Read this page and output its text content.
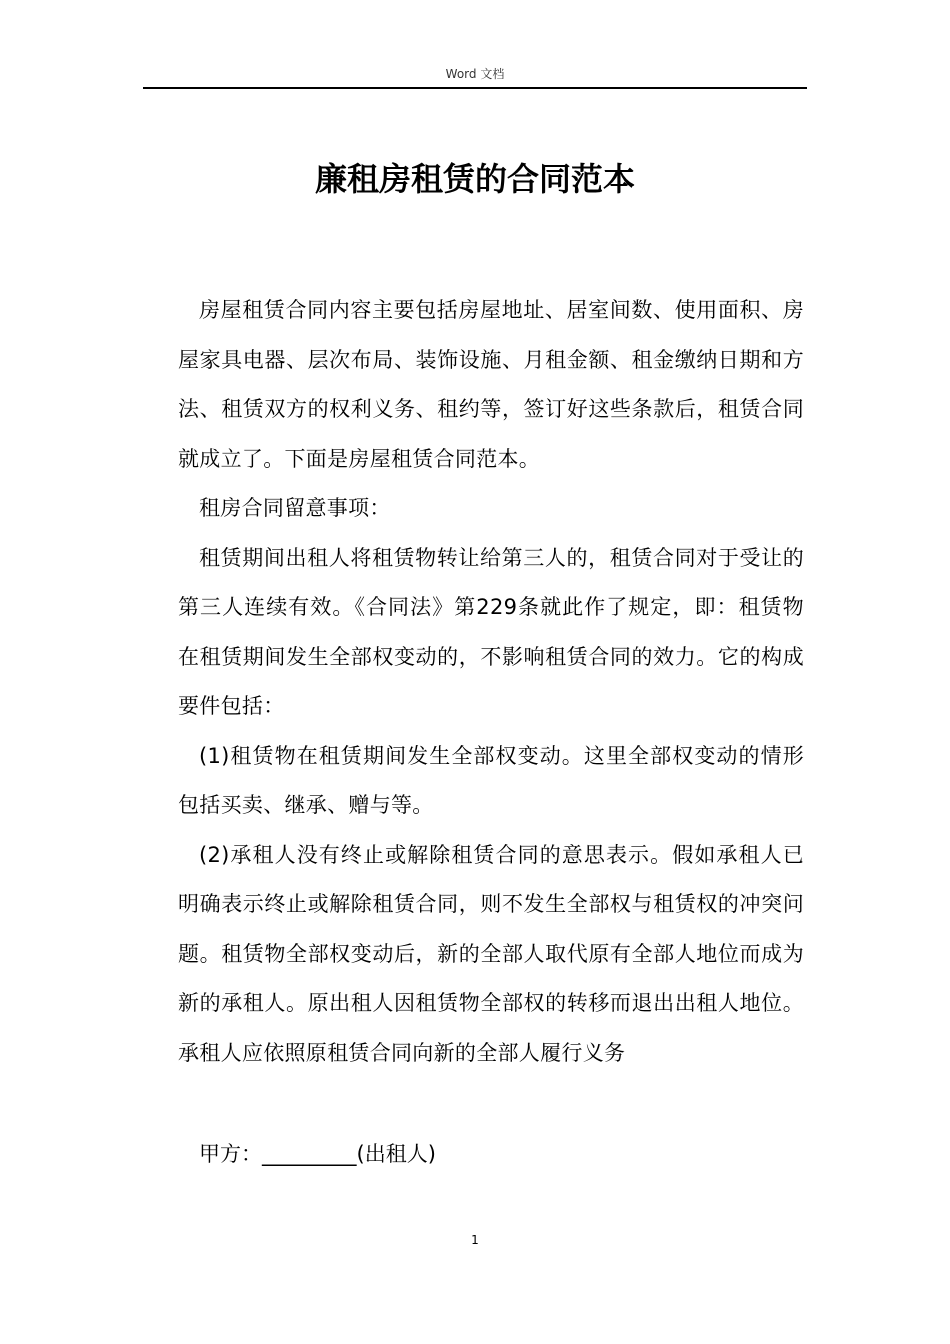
Word 文档
廉租房租赁的合同范本

房屋租赁合同内容主要包括房屋地址、居室间数、使用面积、房屋家具电器、层次布局、装饰设施、月租金额、租金缴纳日期和方法、租赁双方的权利义务、租约等，签订好这些条款后，租赁合同就成立了。下面是房屋租赁合同范本。

租房合同留意事项：

租赁期间出租人将租赁物转让给第三人的，租赁合同对于受让的第三人连续有效。《合同法》第229条就此作了规定，即：租赁物在租赁期间发生全部权变动的，不影响租赁合同的效力。它的构成要件包括：

(1)租赁物在租赁期间发生全部权变动。这里全部权变动的情形包括买卖、继承、赠与等。

(2)承租人没有终止或解除租赁合同的意思表示。假如承租人已明确表示终止或解除租赁合同，则不发生全部权与租赁权的冲突问题。租赁物全部权变动后，新的全部人取代原有全部人地位而成为新的承租人。原出租人因租赁物全部权的转移而退出出租人地位。承租人应依照原租赁合同向新的全部人履行义务

甲方：_________(出租人)
1
